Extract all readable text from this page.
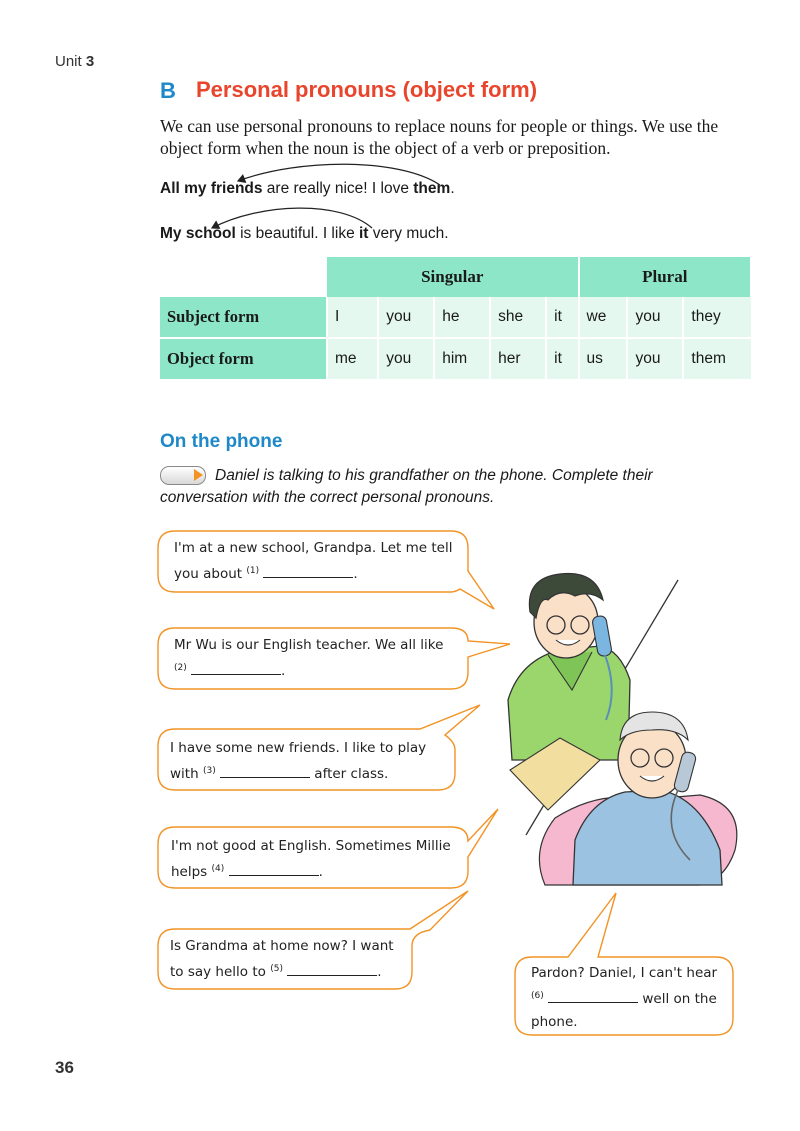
Unit 3
B Personal pronouns (object form)
We can use personal pronouns to replace nouns for people or things. We use the object form when the noun is the object of a verb or preposition.
All my friends are really nice! I love them.
My school is beautiful. I like it very much.
	Singular					Plural		
Subject form	I	you	he	she	it	we	you	they
Object form	me	you	him	her	it	us	you	them
On the phone
Daniel is talking to his grandfather on the phone. Complete their conversation with the correct personal pronouns.
I'm at a new school, Grandpa. Let me tell
you about $^{(1)}$	.
Mr Wu is our English teacher. We all like
$^{(2)}$	.
I have some new friends. I like to play
with $^{(3)}$	after class.
I'm not good at English. Sometimes Millie
helps $^{(4)}$	.
Is Grandma at home now? I want
to say hello to $^{(5)}$	.	Pardon? Daniel, I can't hear
$^{(6)}$	well on the
phone.
36
